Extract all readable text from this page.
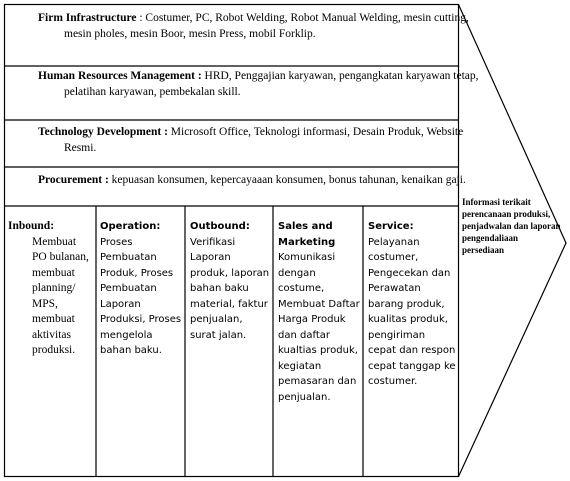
Firm Infrastructure : Costumer, PC, Robot Welding, Robot Manual Welding, mesin cutting, mesin pholes, mesin Boor, mesin Press, mobil Forklip.
Human Resources Management : HRD, Penggajian karyawan, pengangkatan karyawan tetap, pelatihan karyawan, pembekalan skill.
Technology Development : Microsoft Office, Teknologi informasi, Desain Produk, Website Resmi.
Procurement : kepuasan konsumen, kepercayaaan konsumen, bonus tahunan, kenaikan gaji.
Inbound:
Membuat PO bulanan, membuat planning/ MPS, membuat aktivitas produksi.
Operation:
Proses Pembuatan Produk, Proses Pembuatan Laporan Produksi, Proses mengelola bahan baku.
Outbound:
Verifikasi Laporan produk, laporan bahan baku material, faktur penjualan, surat jalan.
Sales and Marketing
Komunikasi dengan costume, Membuat Daftar Harga Produk dan daftar kualtias produk, kegiatan pemasaran dan penjualan.
Service:
Pelayanan costumer, Pengecekan dan Perawatan barang produk, kualitas produk, pengiriman cepat dan respon cepat tanggap ke costumer.
Informasi terikait perencanaan produksi, penjadwalan dan laporan pengendaliaan persediaan
